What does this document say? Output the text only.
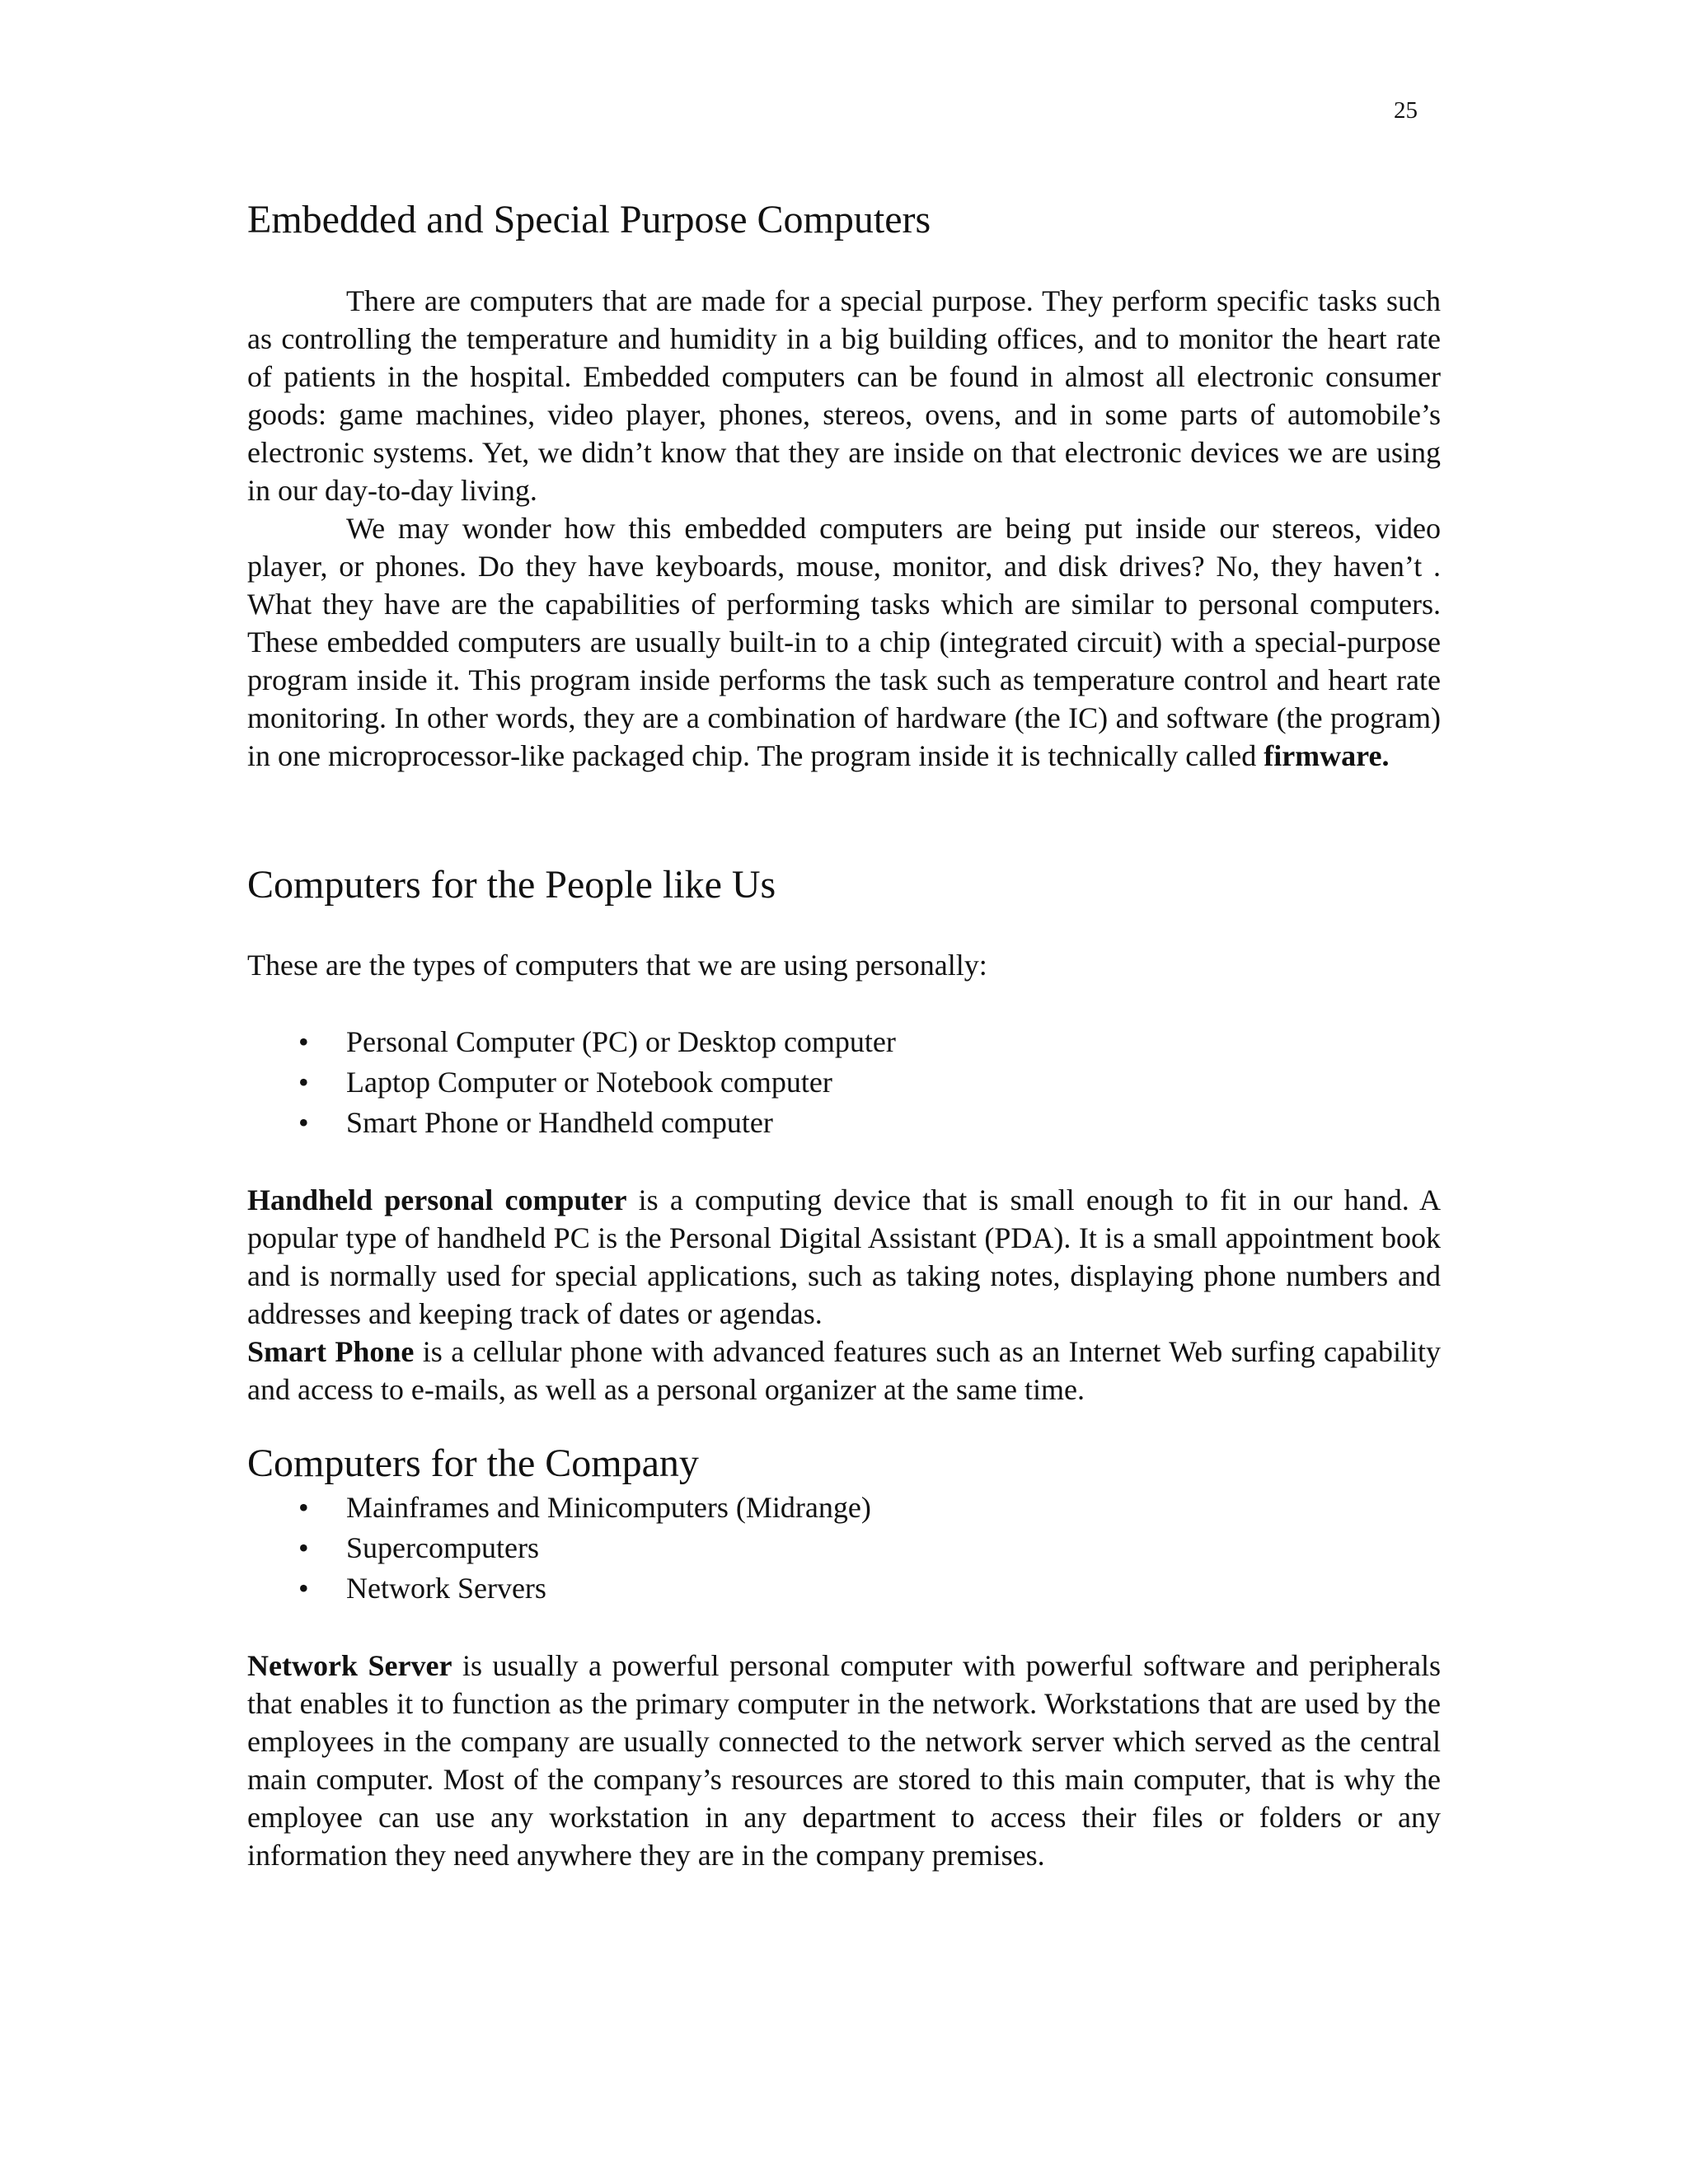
25
Embedded and Special Purpose Computers

There are computers that are made for a special purpose. They perform specific tasks such as controlling the temperature and humidity in a big building offices, and to monitor the heart rate of patients in the hospital. Embedded computers can be found in almost all electronic consumer goods: game machines, video player, phones, stereos, ovens, and in some parts of automobile’s electronic systems. Yet, we didn’t know that they are inside on that electronic devices we are using in our day-to-day living.

We may wonder how this embedded computers are being put inside our stereos, video player, or phones. Do they have keyboards, mouse, monitor, and disk drives? No, they haven’t . What they have are the capabilities of performing tasks which are similar to personal computers. These embedded computers are usually built-in to a chip (integrated circuit) with a special-purpose program inside it. This program inside performs the task such as temperature control and heart rate monitoring. In other words, they are a combination of hardware (the IC) and software (the program) in one microprocessor-like packaged chip. The program inside it is technically called firmware.

Computers for the People like Us

These are the types of computers that we are using personally:

• Personal Computer (PC) or Desktop computer
• Laptop Computer or Notebook computer
• Smart Phone or Handheld computer

Handheld personal computer is a computing device that is small enough to fit in our hand. A popular type of handheld PC is the Personal Digital Assistant (PDA). It is a small appointment book and is normally used for special applications, such as taking notes, displaying phone numbers and addresses and keeping track of dates or agendas.

Smart Phone is a cellular phone with advanced features such as an Internet Web surfing capability and access to e-mails, as well as a personal organizer at the same time.

Computers for the Company
• Mainframes and Minicomputers (Midrange)
• Supercomputers
• Network Servers

Network Server is usually a powerful personal computer with powerful software and peripherals that enables it to function as the primary computer in the network. Workstations that are used by the employees in the company are usually connected to the network server which served as the central main computer. Most of the company’s resources are stored to this main computer, that is why the employee can use any workstation in any department to access their files or folders or any information they need anywhere they are in the company premises.
